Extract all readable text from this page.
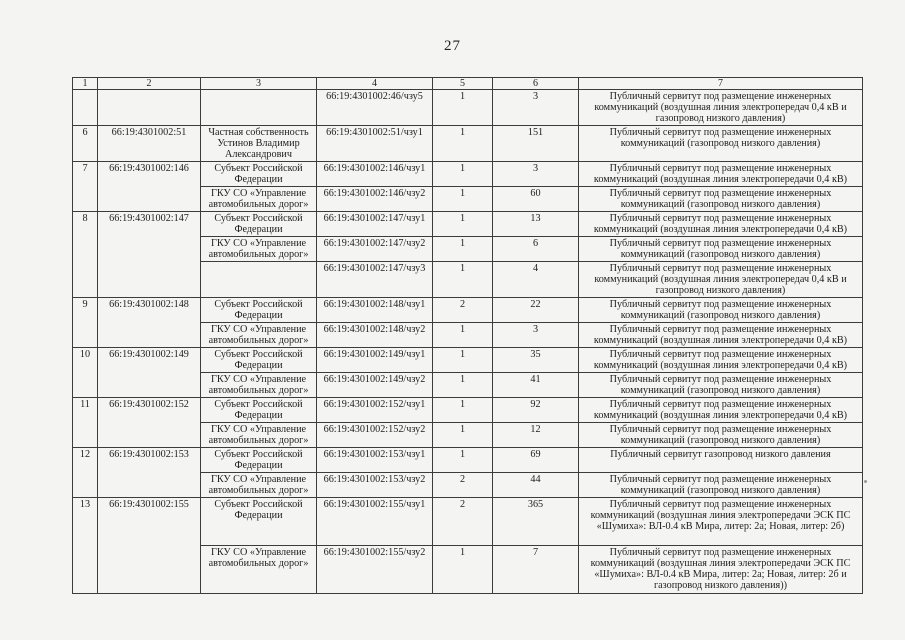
27
1	2	3	4	5	6	7
			66:19:4301002:46/чзу5	1	3	Публичный сервитут под размещение инженерных коммуникаций (воздушная линия электропередач 0,4 кВ и газопровод низкого давления)
6	66:19:4301002:51	Частная собственность Устинов Владимир Александрович	66:19:4301002:51/чзу1	1	151	Публичный сервитут под размещение инженерных коммуникаций (газопровод низкого давления)
7	66:19:4301002:146	Субъект Российской Федерации	66:19:4301002:146/чзу1	1	3	Публичный сервитут под размещение инженерных коммуникаций (воздушная линия электропередачи 0,4 кВ)
		ГКУ СО «Управление автомобильных дорог»	66:19:4301002:146/чзу2	1	60	Публичный сервитут под размещение инженерных коммуникаций (газопровод низкого давления)
8	66:19:4301002:147	Субъект Российской Федерации	66:19:4301002:147/чзу1	1	13	Публичный сервитут под размещение инженерных коммуникаций (воздушная линия электропередачи 0,4 кВ)
		ГКУ СО «Управление автомобильных дорог»	66:19:4301002:147/чзу2	1	6	Публичный сервитут под размещение инженерных коммуникаций (газопровод низкого давления)
			66:19:4301002:147/чзу3	1	4	Публичный сервитут под размещение инженерных коммуникаций (воздушная линия электропередач 0,4 кВ и газопровод низкого давления)
9	66:19:4301002:148	Субъект Российской Федерации	66:19:4301002:148/чзу1	2	22	Публичный сервитут под размещение инженерных коммуникаций (газопровод низкого давления)
		ГКУ СО «Управление автомобильных дорог»	66:19:4301002:148/чзу2	1	3	Публичный сервитут под размещение инженерных коммуникаций (воздушная линия электропередачи 0,4 кВ)
10	66:19:4301002:149	Субъект Российской Федерации	66:19:4301002:149/чзу1	1	35	Публичный сервитут под размещение инженерных коммуникаций (воздушная линия электропередачи 0,4 кВ)
		ГКУ СО «Управление автомобильных дорог»	66:19:4301002:149/чзу2	1	41	Публичный сервитут под размещение инженерных коммуникаций (газопровод низкого давления)
11	66:19:4301002:152	Субъект Российской Федерации	66:19:4301002:152/чзу1	1	92	Публичный сервитут под размещение инженерных коммуникаций (воздушная линия электропередачи 0,4 кВ)
		ГКУ СО «Управление автомобильных дорог»	66:19:4301002:152/чзу2	1	12	Публичный сервитут под размещение инженерных коммуникаций (газопровод низкого давления)
12	66:19:4301002:153	Субъект Российской Федерации	66:19:4301002:153/чзу1	1	69	Публичный сервитут газопровод низкого давления
		ГКУ СО «Управление автомобильных дорог»	66:19:4301002:153/чзу2	2	44	Публичный сервитут под размещение инженерных коммуникаций (газопровод низкого давления)
13	66:19:4301002:155	Субъект Российской Федерации	66:19:4301002:155/чзу1	2	365	Публичный сервитут под размещение инженерных коммуникаций (воздушная линия электропередачи ЭСК ПС «Шумиха»: ВЛ-0.4 кВ Мира, литер: 2а; Новая, литер: 2б)
		ГКУ СО «Управление автомобильных дорог»	66:19:4301002:155/чзу2	1	7	Публичный сервитут под размещение инженерных коммуникаций (воздушная линия электропередачи ЭСК ПС «Шумиха»: ВЛ-0.4 кВ Мира, литер: 2а; Новая, литер: 2б и газопровод низкого давления))
